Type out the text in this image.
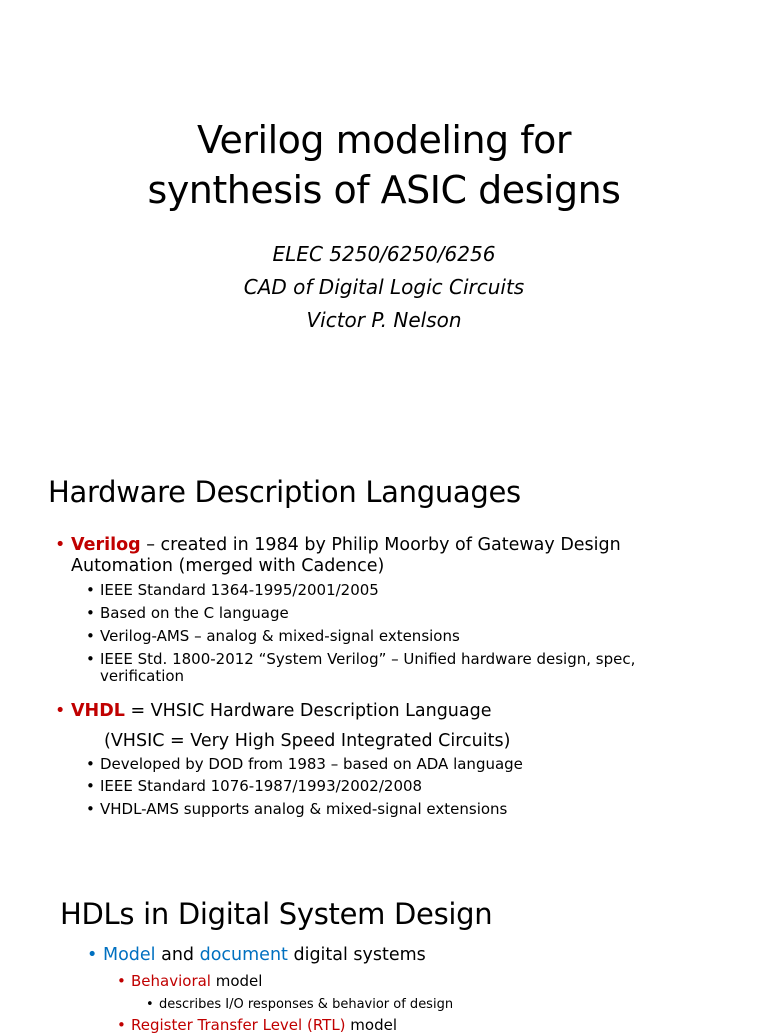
Verilog modeling for
synthesis of ASIC designs
ELEC 5250/6250/6256
CAD of Digital Logic Circuits
Victor P. Nelson
Hardware Description Languages
• Verilog – created in 1984 by Philip Moorby of Gateway Design
Automation (merged with Cadence)
• IEEE Standard 1364-1995/2001/2005
• Based on the C language
• Verilog-AMS – analog & mixed-signal extensions
• IEEE Std. 1800-2012 “System Verilog” – Unified hardware design, spec,
verification
• VHDL = VHSIC Hardware Description Language
(VHSIC = Very High Speed Integrated Circuits)
• Developed by DOD from 1983 – based on ADA language
• IEEE Standard 1076-1987/1993/2002/2008
• VHDL-AMS supports analog & mixed-signal extensions
HDLs in Digital System Design
• Model and document digital systems
• Behavioral model
• describes I/O responses & behavior of design
• Register Transfer Level (RTL) model
